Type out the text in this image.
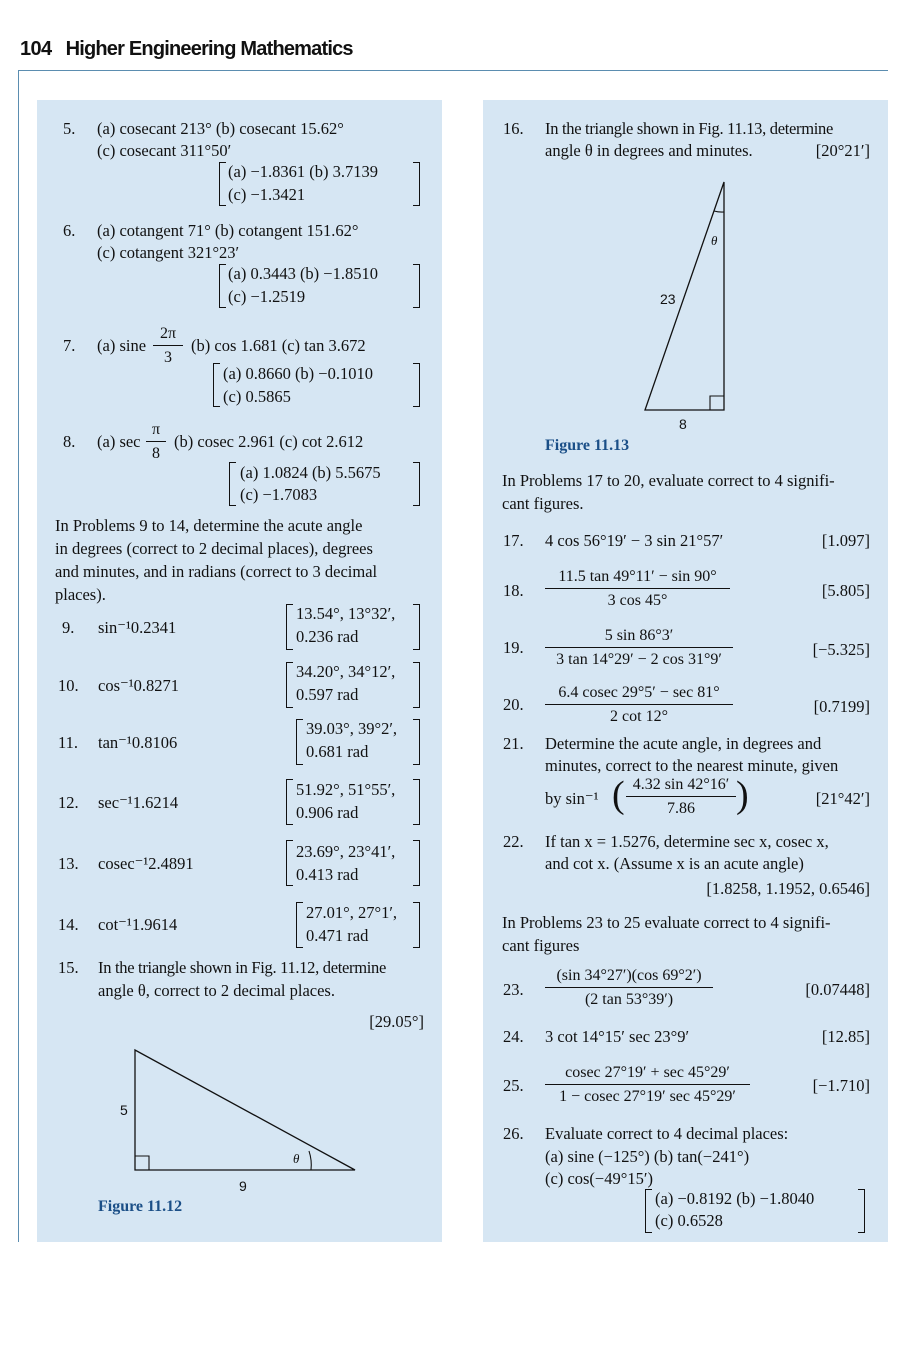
104 Higher Engineering Mathematics
5. (a) cosecant 213° (b) cosecant 15.62°
(c) cosecant 311°50′
(a) −1.8361 (b) 3.7139
(c) −1.3421
6. (a) cotangent 71° (b) cotangent 151.62°
(c) cotangent 321°23′
(a) 0.3443 (b) −1.8510
(c) −1.2519
7. (a) sine $\frac{2\pi}{3} (b)$ cos 1.681 (c) tan 3.672
(a) 0.8660 (b) −0.1010
(c) 0.5865
8. (a) $\sec \frac{\pi}{8} (b)$ cosec 2.961 (c) cot 2.612
(a) 1.0824 (b) 5.5675
(c) −1.7083
In Problems 9 to 14, determine the acute angle
in degrees (correct to 2 decimal places), degrees
and minutes, and in radians (correct to 3 decimal
places).
9. sin⁻¹0.2341
13.54°, 13°32′,
0.236 rad
10. cos⁻¹0.8271
34.20°, 34°12′,
0.597 rad
11. tan⁻¹0.8106
39.03°, 39°2′,
0.681 rad
12. sec⁻¹1.6214
51.92°, 51°55′,
0.906 rad
13. cosec⁻¹2.4891
23.69°, 23°41′,
0.413 rad
14. cot⁻¹1.9614
27.01°, 27°1′,
0.471 rad
15. In the triangle shown in Fig. 11.12, determine
angle θ, correct to 2 decimal places.
[29.05°]
5
9
θ
Figure 11.12
16. In the triangle shown in Fig. 11.13, determine
angle θ in degrees and minutes.	[20°21′]
θ
23
8
Figure 11.13
In Problems 17 to 20, evaluate correct to 4 signifi-
cant figures.
17. 4 cos 56°19′ − 3 sin 21°57′	[1.097]
18. $\frac{11.5 \tan 49^\circ 11' - \sin 90^\circ}{3 \cos 45^\circ}$	[5.805]
19. $\frac{5 \sin 86^\circ 3'}{3 \tan 14^\circ 29' - 2 \cos 31^\circ 9'}$	[−5.325]
20.
6.4 cosec 29°5′ − sec 81°
2 cot 12°
[0.7199]
21. Determine the acute angle, in degrees and
minutes, correct to the nearest minute, given
by sin⁻¹ ( $\frac{4.32 \sin 42^\circ 16'}{7.86}$ )	[21°42′]
22. If tan x = 1.5276, determine sec x, cosec x,
and cot x. (Assume x is an acute angle)
[1.8258, 1.1952, 0.6546]
In Problems 23 to 25 evaluate correct to 4 signifi-
cant figures
23. $\frac{(\sin 34^\circ 27')(\cos 69^\circ 2')}{(2 \tan 53^\circ 39')}$	[0.07448]
24. 3 cot 14°15′ sec 23°9′	[12.85]
25.
cosec 27°19′ + sec 45°29′
1 − cosec 27°19′ sec 45°29′
[−1.710]
26. Evaluate correct to 4 decimal places:
(a) sine (−125°) (b) tan(−241°)
(c) cos(−49°15′)
(a) −0.8192 (b) −1.8040
(c) 0.6528
